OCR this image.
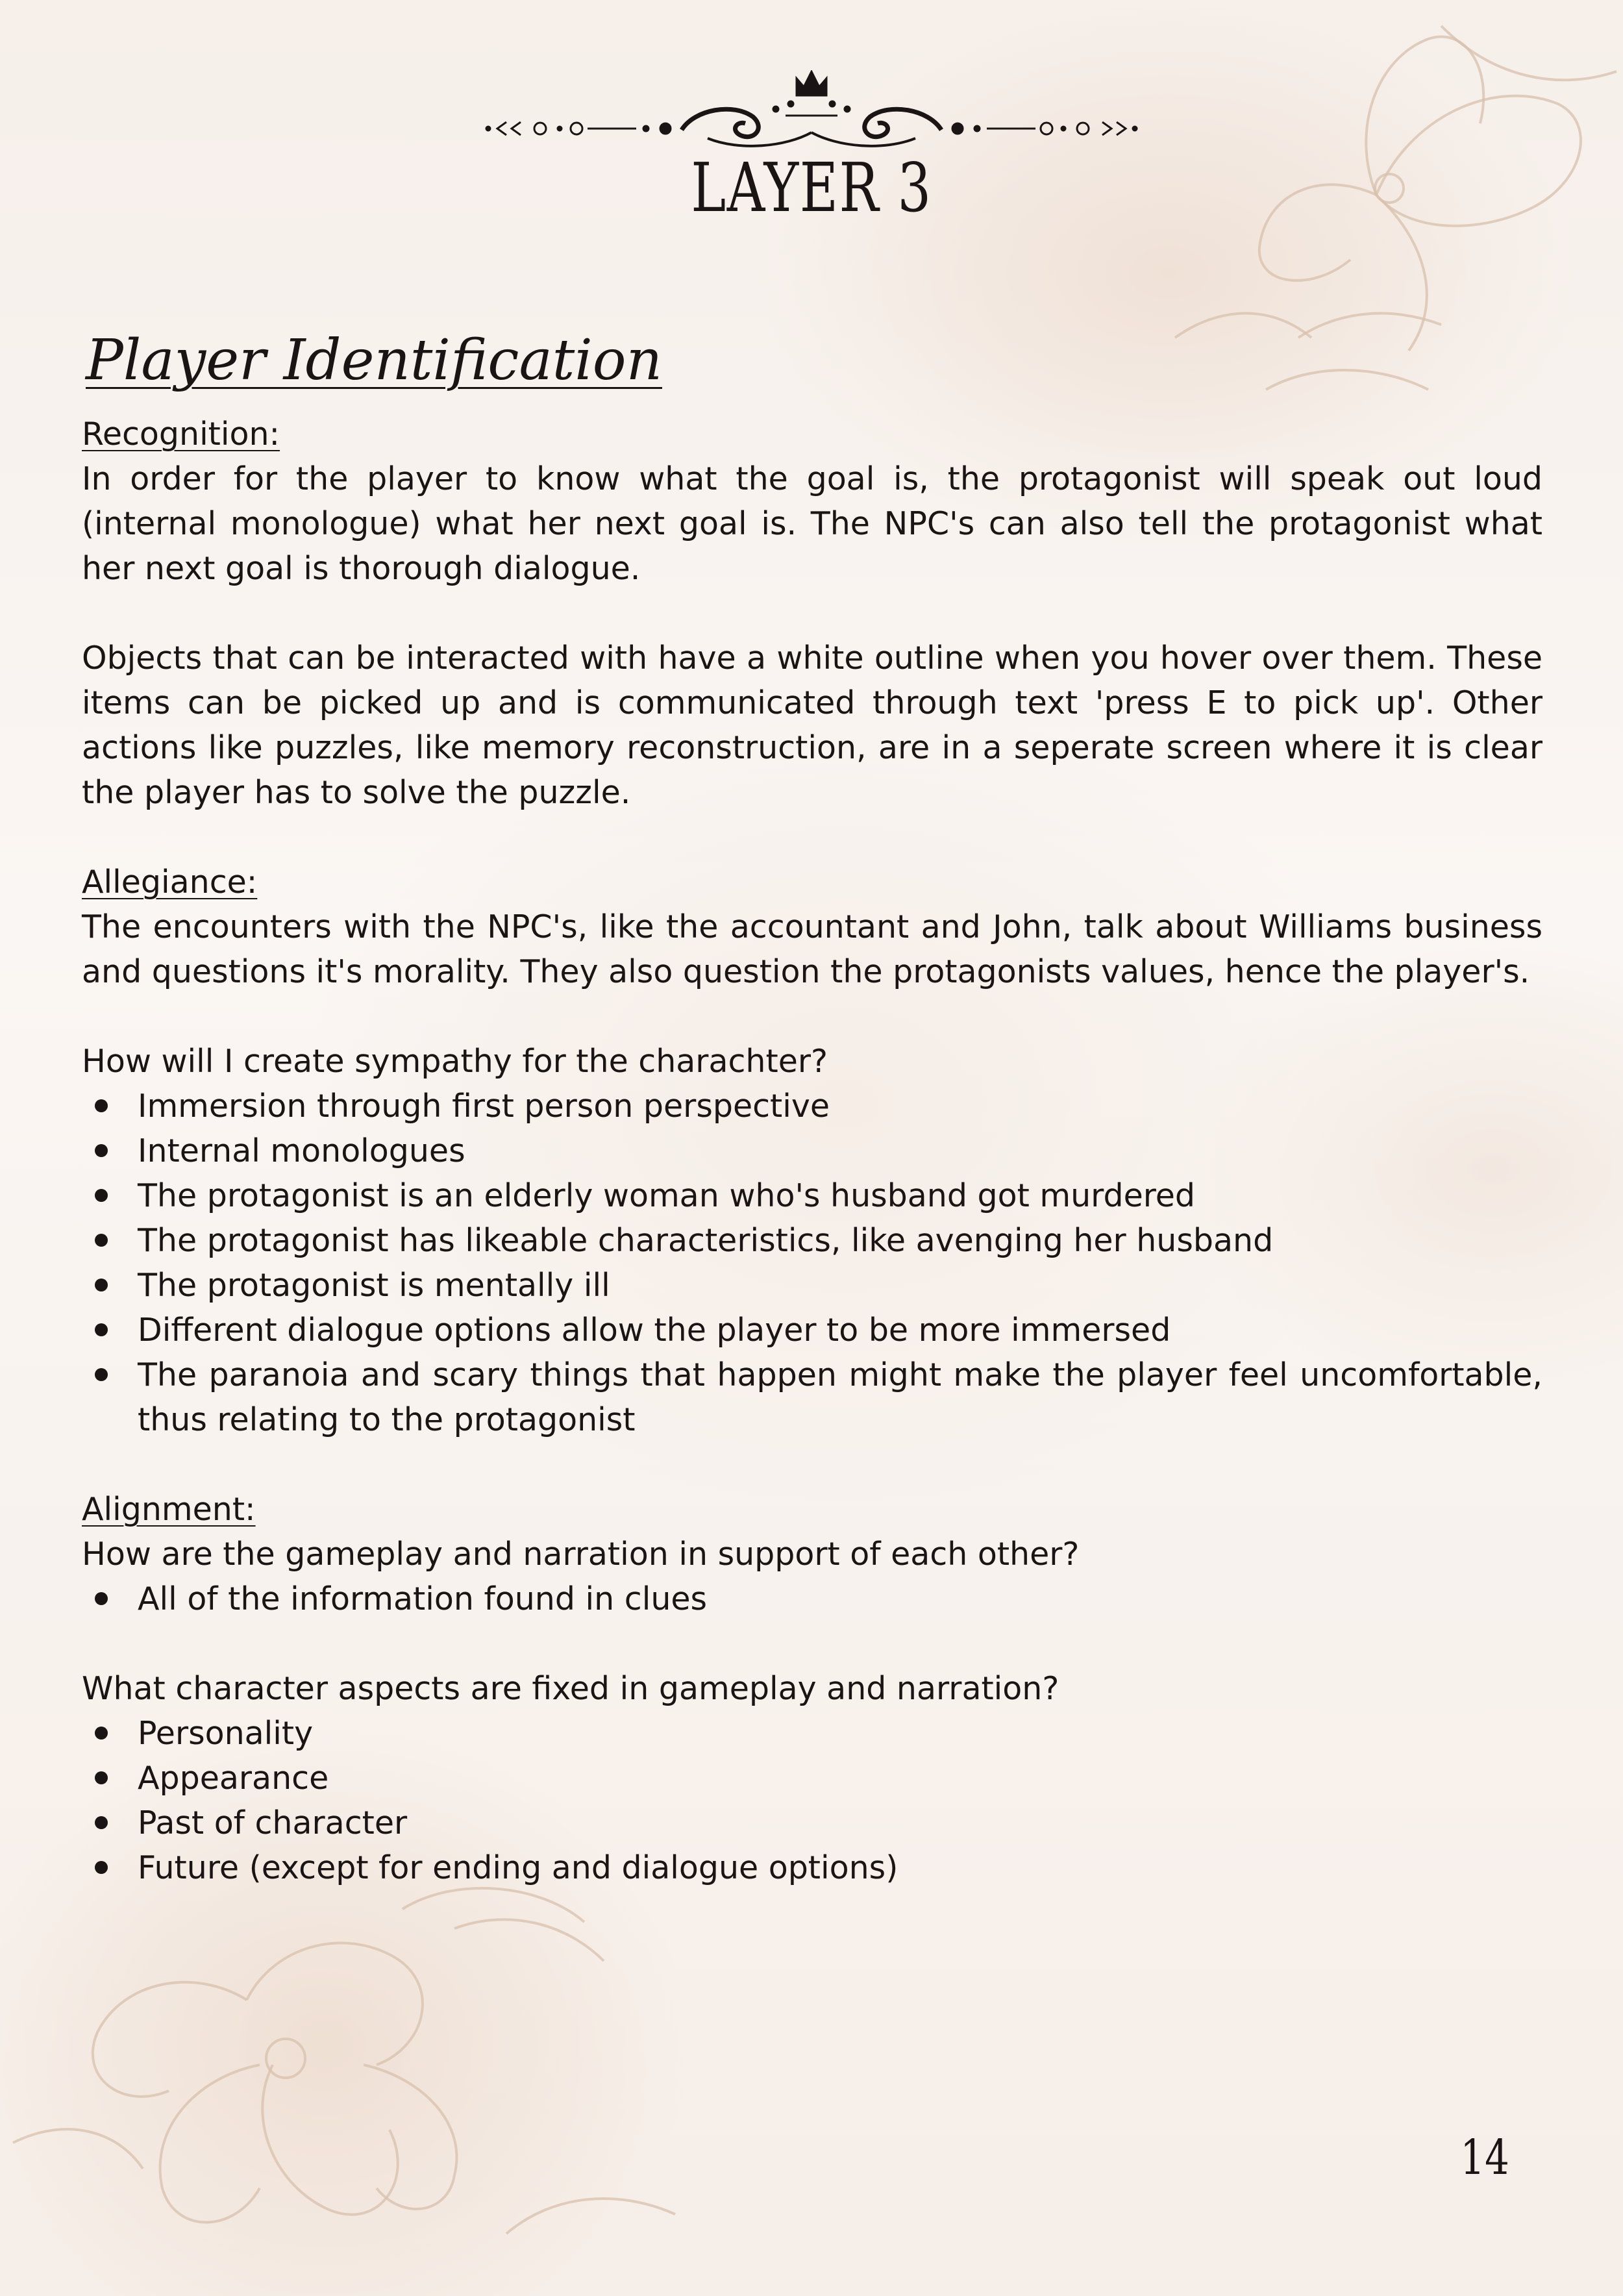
LAYER 3
Player Identification

Recognition:

In order for the player to know what the goal is, the protagonist will speak out loud (internal monologue) what her next goal is. The NPC's can also tell the protagonist what her next goal is thorough dialogue.

Objects that can be interacted with have a white outline when you hover over them. These items can be picked up and is communicated through text 'press E to pick up'. Other actions like puzzles, like memory reconstruction, are in a seperate screen where it is clear the player has to solve the puzzle.

Allegiance:

The encounters with the NPC's, like the accountant and John, talk about Williams business and questions it's morality. They also question the protagonists values, hence the player's.

How will I create sympathy for the charachter?

Immersion through first person perspective
Internal monologues
The protagonist is an elderly woman who's husband got murdered
The protagonist has likeable characteristics, like avenging her husband
The protagonist is mentally ill
Different dialogue options allow the player to be more immersed
The paranoia and scary things that happen might make the player feel uncomfortable, thus relating to the protagonist

Alignment:

How are the gameplay and narration in support of each other?

All of the information found in clues

What character aspects are fixed in gameplay and narration?

Personality
Appearance
Past of character
Future (except for ending and dialogue options)
14
